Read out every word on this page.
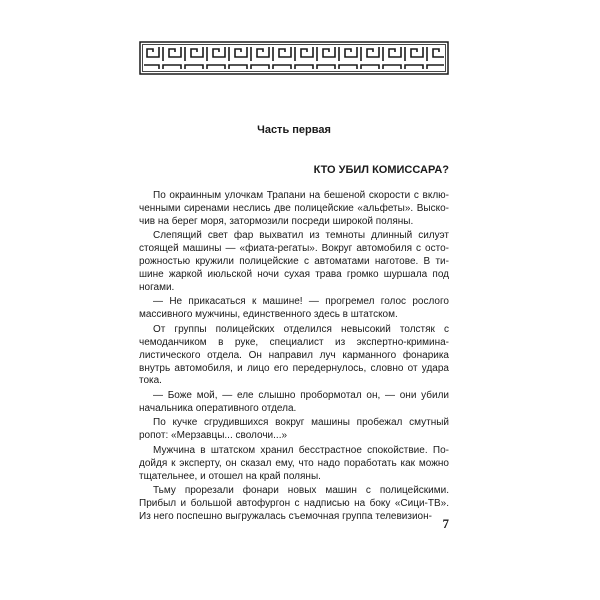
Часть первая

КТО УБИЛ КОМИССАРА?

По окраинным улочкам Трапани на бешеной скорости с включенными сиренами неслись две полицейские «альфеты». Выскочив на берег моря, затормозили посреди широкой поляны.

Слепящий свет фар выхватил из темноты длинный силуэт стоящей машины — «фиата-регаты». Вокруг автомобиля с осторожностью кружили полицейские с автоматами наготове. В тишине жаркой июльской ночи сухая трава громко шуршала под ногами.

— Не прикасаться к машине! — прогремел голос рослого массивного мужчины, единственного здесь в штатском.

От группы полицейских отделился невысокий толстяк с чемоданчиком в руке, специалист из экспертно-криминалистического отдела. Он направил луч карманного фонарика внутрь автомобиля, и лицо его передернулось, словно от удара тока.

— Боже мой, — еле слышно пробормотал он, — они убили начальника оперативного отдела.

По кучке сгрудившихся вокруг машины пробежал смутный ропот: «Мерзавцы... сволочи...»

Мужчина в штатском хранил бесстрастное спокойствие. Подойдя к эксперту, он сказал ему, что надо поработать как можно тщательнее, и отошел на край поляны.

Тьму прорезали фонари новых машин с полицейскими. Прибыл и большой автофургон с надписью на боку «Сици-ТВ». Из него поспешно выгружалась съемочная группа телевизион- 7
